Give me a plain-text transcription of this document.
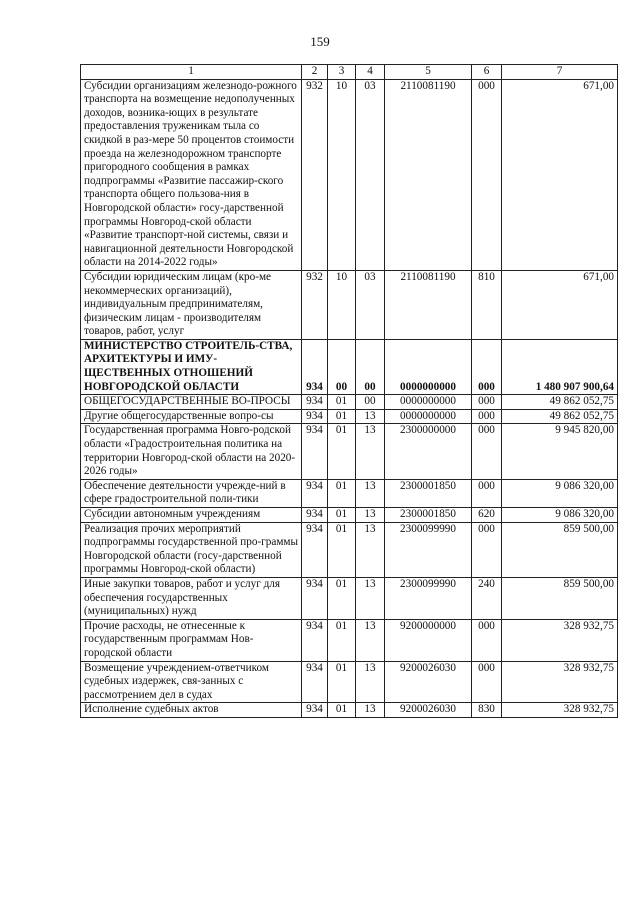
159
1	2	3	4	5	6	7
Субсидии организациям железнодо-рожного транспорта на возмещение недополученных доходов, возника-ющих в результате предоставления труженикам тыла со скидкой в раз-мере 50 процентов стоимости проезда на железнодорожном транспорте пригородного сообщения в рамках подпрограммы «Развитие пассажир-ского транспорта общего пользова-ния в Новгородской области» госу-дарственной программы Новгород-ской области «Развитие транспорт-ной системы, связи и навигационной деятельности Новгородской области на 2014-2022 годы»	932	10	03	2110081190	000	671,00
Субсидии юридическим лицам (кро-ме некоммерческих организаций), индивидуальным предпринимателям, физическим лицам - производителям товаров, работ, услуг	932	10	03	2110081190	810	671,00
МИНИСТЕРСТВО СТРОИТЕЛЬ-СТВА, АРХИТЕКТУРЫ И ИМУ-ЩЕСТВЕННЫХ ОТНОШЕНИЙ НОВГОРОДСКОЙ ОБЛАСТИ	934	00	00	0000000000	000	1 480 907 900,64
ОБЩЕГОСУДАРСТВЕННЫЕ ВО-ПРОСЫ	934	01	00	0000000000	000	49 862 052,75
Другие общегосударственные вопро-сы	934	01	13	0000000000	000	49 862 052,75
Государственная программа Новго-родской области «Градостроительная политика на территории Новгород-ской области на 2020-2026 годы»	934	01	13	2300000000	000	9 945 820,00
Обеспечение деятельности учрежде-ний в сфере градостроительной поли-тики	934	01	13	2300001850	000	9 086 320,00
Субсидии автономным учреждениям	934	01	13	2300001850	620	9 086 320,00
Реализация прочих мероприятий подпрограммы государственной про-граммы Новгородской области (госу-дарственной программы Новгород-ской области)	934	01	13	2300099990	000	859 500,00
Иные закупки товаров, работ и услуг для обеспечения государственных (муниципальных) нужд	934	01	13	2300099990	240	859 500,00
Прочие расходы, не отнесенные к государственным программам Нов-городской области	934	01	13	9200000000	000	328 932,75
Возмещение учреждением-ответчиком судебных издержек, свя-занных с рассмотрением дел в судах	934	01	13	9200026030	000	328 932,75
Исполнение судебных актов	934	01	13	9200026030	830	328 932,75
